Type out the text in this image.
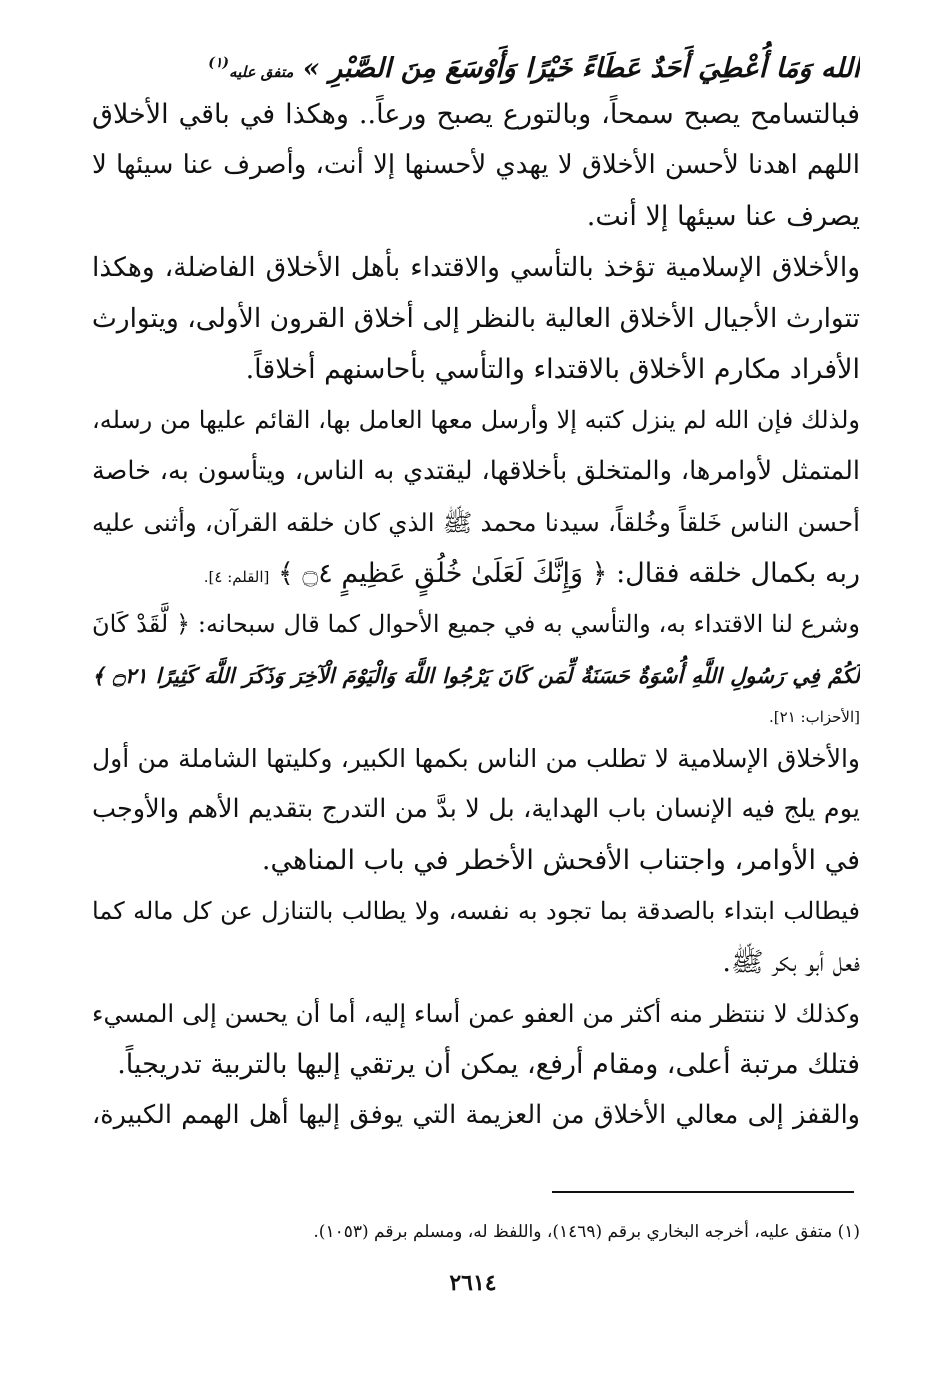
الله وَمَا أُعْطِيَ أَحَدٌ عَطَاءً خَيْرًا وَأَوْسَعَ مِنَ الصَّبْرِ » متفق عليه$^{(١)}$
فبالتسامح يصبح سمحاً، وبالتورع يصبح ورعاً.. وهكذا في باقي الأخلاق
اللهم اهدنا لأحسن الأخلاق لا يهدي لأحسنها إلا أنت، وأصرف عنا سيئها لا
يصرف عنا سيئها إلا أنت.
والأخلاق الإسلامية تؤخذ بالتأسي والاقتداء بأهل الأخلاق الفاضلة، وهكذا
تتوارث الأجيال الأخلاق العالية بالنظر إلى أخلاق القرون الأولى، ويتوارث
الأفراد مكارم الأخلاق بالاقتداء والتأسي بأحاسنهم أخلاقاً.
ولذلك فإن الله لم ينزل كتبه إلا وأرسل معها العامل بها، القائم عليها من رسله،
المتمثل لأوامرها، والمتخلق بأخلاقها، ليقتدي به الناس، ويتأسون به، خاصة
أحسن الناس خَلقاً وخُلقاً، سيدنا محمد ﷺ الذي كان خلقه القرآن، وأثنى عليه
ربه بكمال خلقه فقال: ﴿ وَإِنَّكَ لَعَلَىٰ خُلُقٍ عَظِيمٍ ۝٤ ﴾ [القلم: ٤].
وشرع لنا الاقتداء به، والتأسي به في جميع الأحوال كما قال سبحانه: ﴿ لَّقَدْ كَانَ
لَكُمْ فِي رَسُولِ اللَّهِ أُسْوَةٌ حَسَنَةٌ لِّمَن كَانَ يَرْجُوا اللَّهَ وَالْيَوْمَ الْآخِرَ وَذَكَرَ اللَّهَ كَثِيرًا ۝٢١ ﴾
[الأحزاب: ٢١].
والأخلاق الإسلامية لا تطلب من الناس بكمها الكبير، وكليتها الشاملة من أول
يوم يلج فيه الإنسان باب الهداية، بل لا بدَّ من التدرج بتقديم الأهم والأوجب
في الأوامر، واجتناب الأفحش الأخطر في باب المناهي.
فيطالب ابتداء بالصدقة بما تجود به نفسه، ولا يطالب بالتنازل عن كل ماله كما
فعل أبو بكر ﷺ.
وكذلك لا ننتظر منه أكثر من العفو عمن أساء إليه، أما أن يحسن إلى المسيء
فتلك مرتبة أعلى، ومقام أرفع، يمكن أن يرتقي إليها بالتربية تدريجياً.
والقفز إلى معالي الأخلاق من العزيمة التي يوفق إليها أهل الهمم الكبيرة،
(١) متفق عليه، أخرجه البخاري برقم (١٤٦٩)، واللفظ له، ومسلم برقم (١٠٥٣).
٢٦١٤
